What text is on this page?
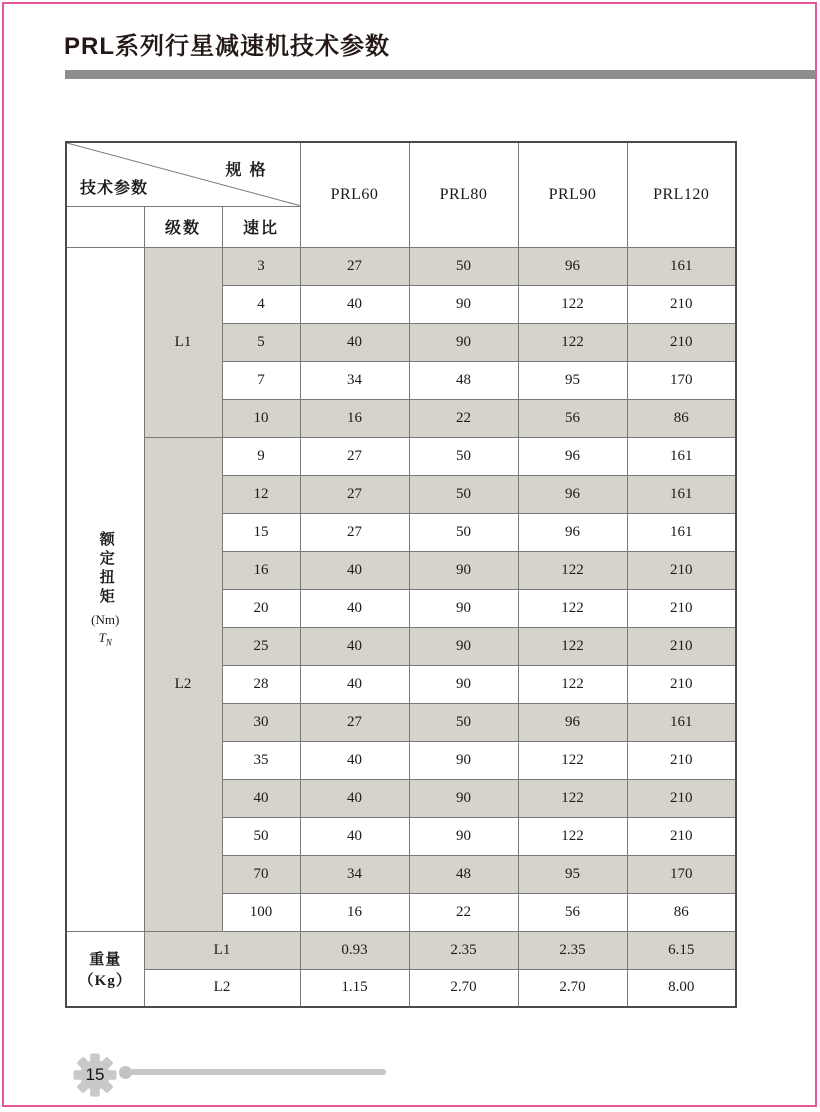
PRL系列行星减速机技术参数
规 格
技术参数			PRL60	PRL80	PRL90	PRL120
	级数	速比				

额定扭矩
(Nm)
$T_N$	L1	3	27	50	96	161
		4	40	90	122	210
		5	40	90	122	210
		7	34	48	95	170
		10	16	22	56	86
	L2	9	27	50	96	161
		12	27	50	96	161
		15	27	50	96	161
		16	40	90	122	210
		20	40	90	122	210
		25	40	90	122	210
		28	40	90	122	210
		30	27	50	96	161
		35	40	90	122	210
		40	40	90	122	210
		50	40	90	122	210
		70	34	48	95	170
		100	16	22	56	86
重量（Kg）	L1		0.93	2.35	2.35	6.15
	L2		1.15	2.70	2.70	8.00
15
